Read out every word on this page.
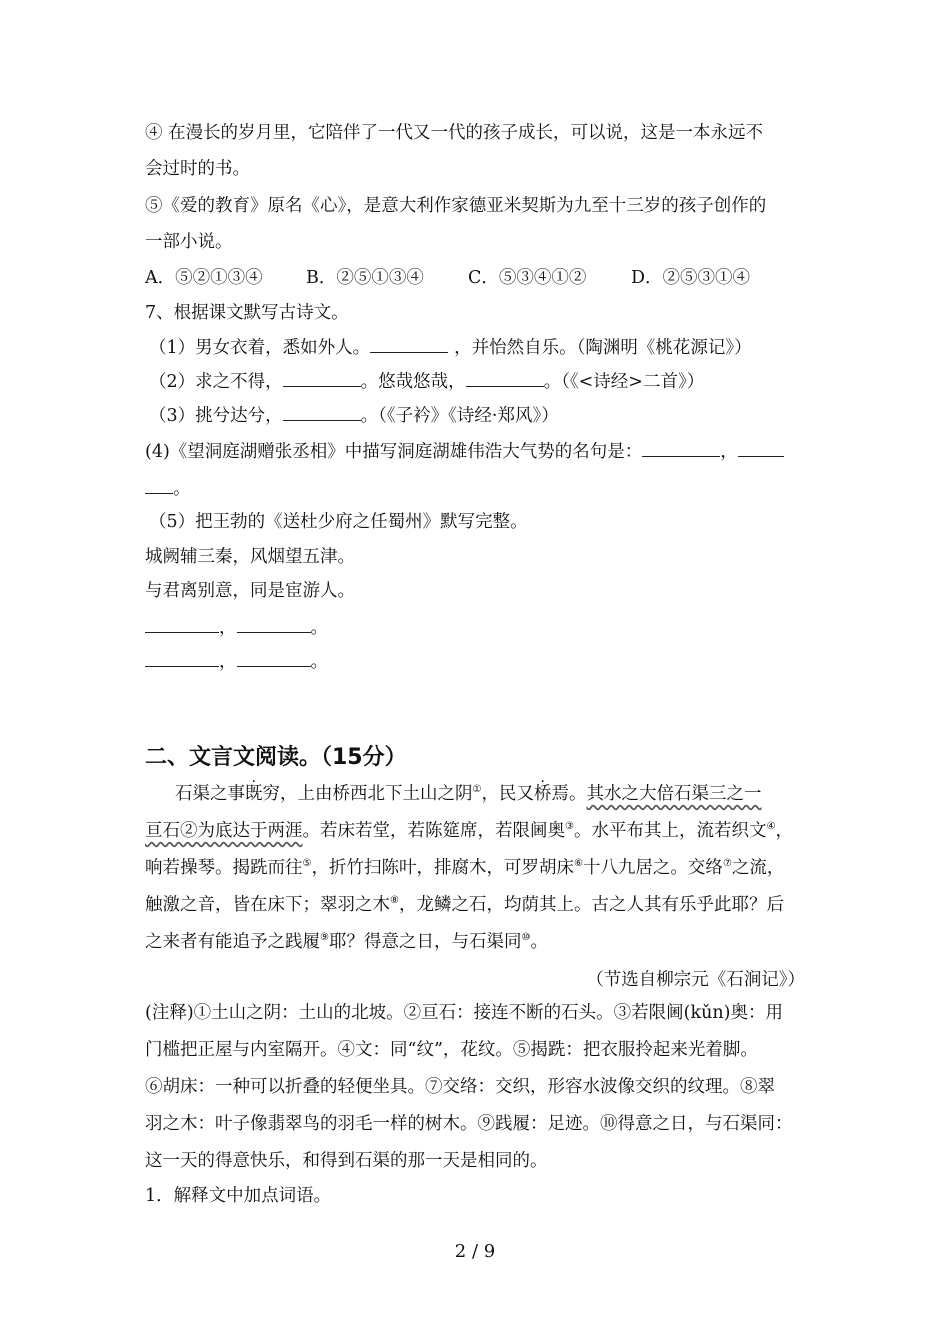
④ 在漫长的岁月里，它陪伴了一代又一代的孩子成长，可以说，这是一本永远不
会过时的书。
⑤《爱的教育》原名《心》，是意大利作家德亚米契斯为九至十三岁的孩子创作的
一部小说。
A．⑤②①③④ B．②⑤①③④	C．⑤③④①②	D．②⑤③①④
7、根据课文默写古诗文。
（1）男女衣着，悉如外人。	，并怡然自乐。（陶渊明《桃花源记》）
（2）求之不得，	。悠哉悠哉，	。（《<诗经>二首》）
（3）挑兮达兮，	。（《子衿》《诗经·郑风》）
(4)《望洞庭湖赠张丞相》中描写洞庭湖雄伟浩大气势的名句是：	，
。
（5）把王勃的《送杜少府之任蜀州》默写完整。
城阙辅三秦，风烟望五津。
与君离别意，同是宦游人。
，	。
，	。
二、文言文阅读。（15分）
石渠之事既穷，上由桥西北下土山之阴①，民又桥焉。其水之大倍石渠三之一
亘石②为底达于两涯。若床若堂，若陈筵席，若限阃奥③。水平布其上，流若织文④，
响若操琴。揭跣而往⑤，折竹扫陈叶，排腐木，可罗胡床⑥十八九居之。交络⑦之流，
触激之音，皆在床下；翠羽之木⑧，龙鳞之石，均荫其上。古之人其有乐乎此耶？后
之来者有能追予之践履⑨耶？得意之日，与石渠同⑩。
（节选自柳宗元《石涧记》）
(注释)①土山之阴：土山的北坡。②亘石：接连不断的石头。③若限阃(kǔn)奥：用
门槛把正屋与内室隔开。④文：同“纹”，花纹。⑤揭跣：把衣服拎起来光着脚。
⑥胡床：一种可以折叠的轻便坐具。⑦交络：交织，形容水波像交织的纹理。⑧翠
羽之木：叶子像翡翠鸟的羽毛一样的树木。⑨践履：足迹。⑩得意之日，与石渠同：
这一天的得意快乐，和得到石渠的那一天是相同的。
1．解释文中加点词语。
2 / 9
